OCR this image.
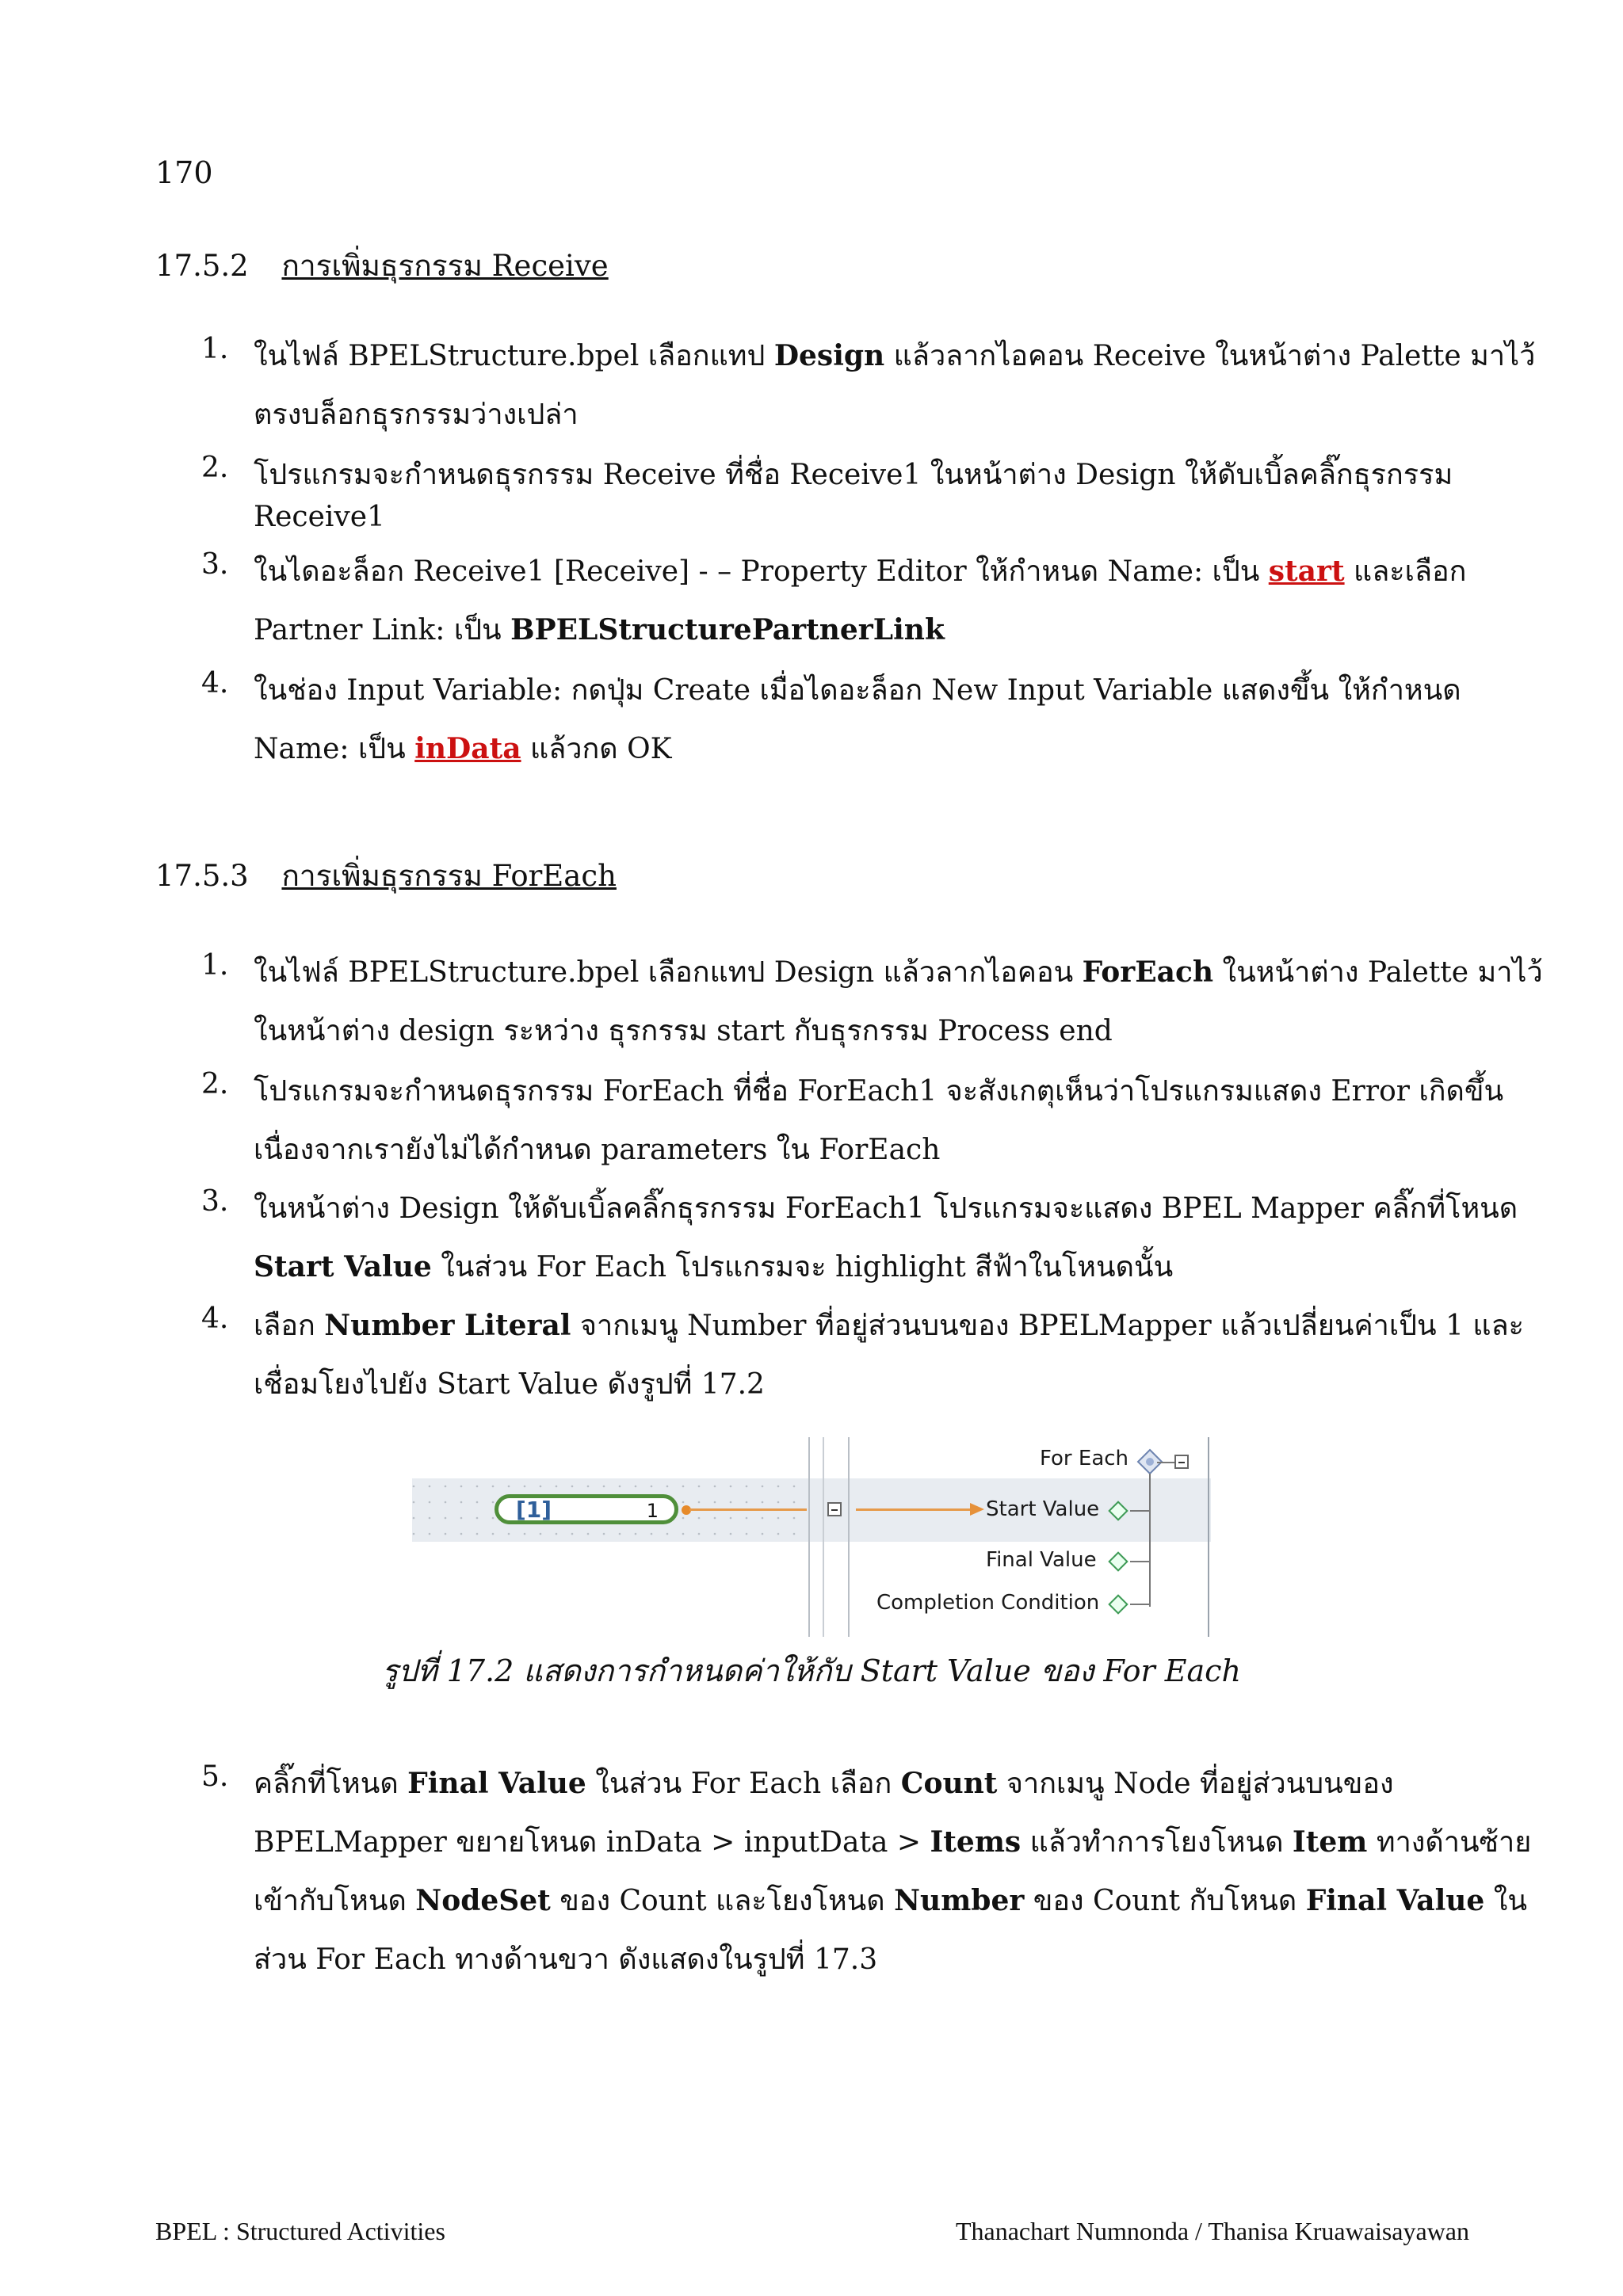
170
17.5.2 การเพิ่มธุรกรรม Receive
1. ในไฟล์ BPELStructure.bpel เลือกแทป Design แล้วลากไอคอน Receive ในหน้าต่าง Palette มาไว้
ตรงบล็อกธุรกรรมว่างเปล่า
2. โปรแกรมจะกำหนดธุรกรรม Receive ที่ชื่อ Receive1 ในหน้าต่าง Design ให้ดับเบิ้ลคลิ๊กธุรกรรม
Receive1
3. ในไดอะล็อก Receive1 [Receive] - – Property Editor ให้กำหนด Name: เป็น start และเลือก
Partner Link: เป็น BPELStructurePartnerLink
4. ในช่อง Input Variable: กดปุ่ม Create เมื่อไดอะล็อก New Input Variable แสดงขึ้น ให้กำหนด
Name: เป็น inData แล้วกด OK
17.5.3 การเพิ่มธุรกรรม ForEach
1. ในไฟล์ BPELStructure.bpel เลือกแทป Design แล้วลากไอคอน ForEach ในหน้าต่าง Palette มาไว้
ในหน้าต่าง design ระหว่าง ธุรกรรม start กับธุรกรรม Process end
2. โปรแกรมจะกำหนดธุรกรรม ForEach ที่ชื่อ ForEach1 จะสังเกตุเห็นว่าโปรแกรมแสดง Error เกิดขึ้น
เนื่องจากเรายังไม่ได้กำหนด parameters ใน ForEach
3. ในหน้าต่าง Design ให้ดับเบิ้ลคลิ๊กธุรกรรม ForEach1 โปรแกรมจะแสดง BPEL Mapper คลิ๊กที่โหนด
Start Value ในส่วน For Each โปรแกรมจะ highlight สีฟ้าในโหนดนั้น
4. เลือก Number Literal จากเมนู Number ที่อยู่ส่วนบนของ BPELMapper แล้วเปลี่ยนค่าเป็น 1 และ
เชื่อมโยงไปยัง Start Value ดังรูปที่ 17.2
[1]	1	Start Value
For Each
Final Value
Completion Condition
รูปที่ 17.2 แสดงการกำหนดค่าให้กับ Start Value ของ For Each
5. คลิ๊กที่โหนด Final Value ในส่วน For Each เลือก Count จากเมนู Node ที่อยู่ส่วนบนของ
BPELMapper ขยายโหนด inData > inputData > Items แล้วทำการโยงโหนด Item ทางด้านซ้าย
เข้ากับโหนด NodeSet ของ Count และโยงโหนด Number ของ Count กับโหนด Final Value ใน
ส่วน For Each ทางด้านขวา ดังแสดงในรูปที่ 17.3
BPEL : Structured Activities	Thanachart Numnonda / Thanisa Kruawaisayawan
